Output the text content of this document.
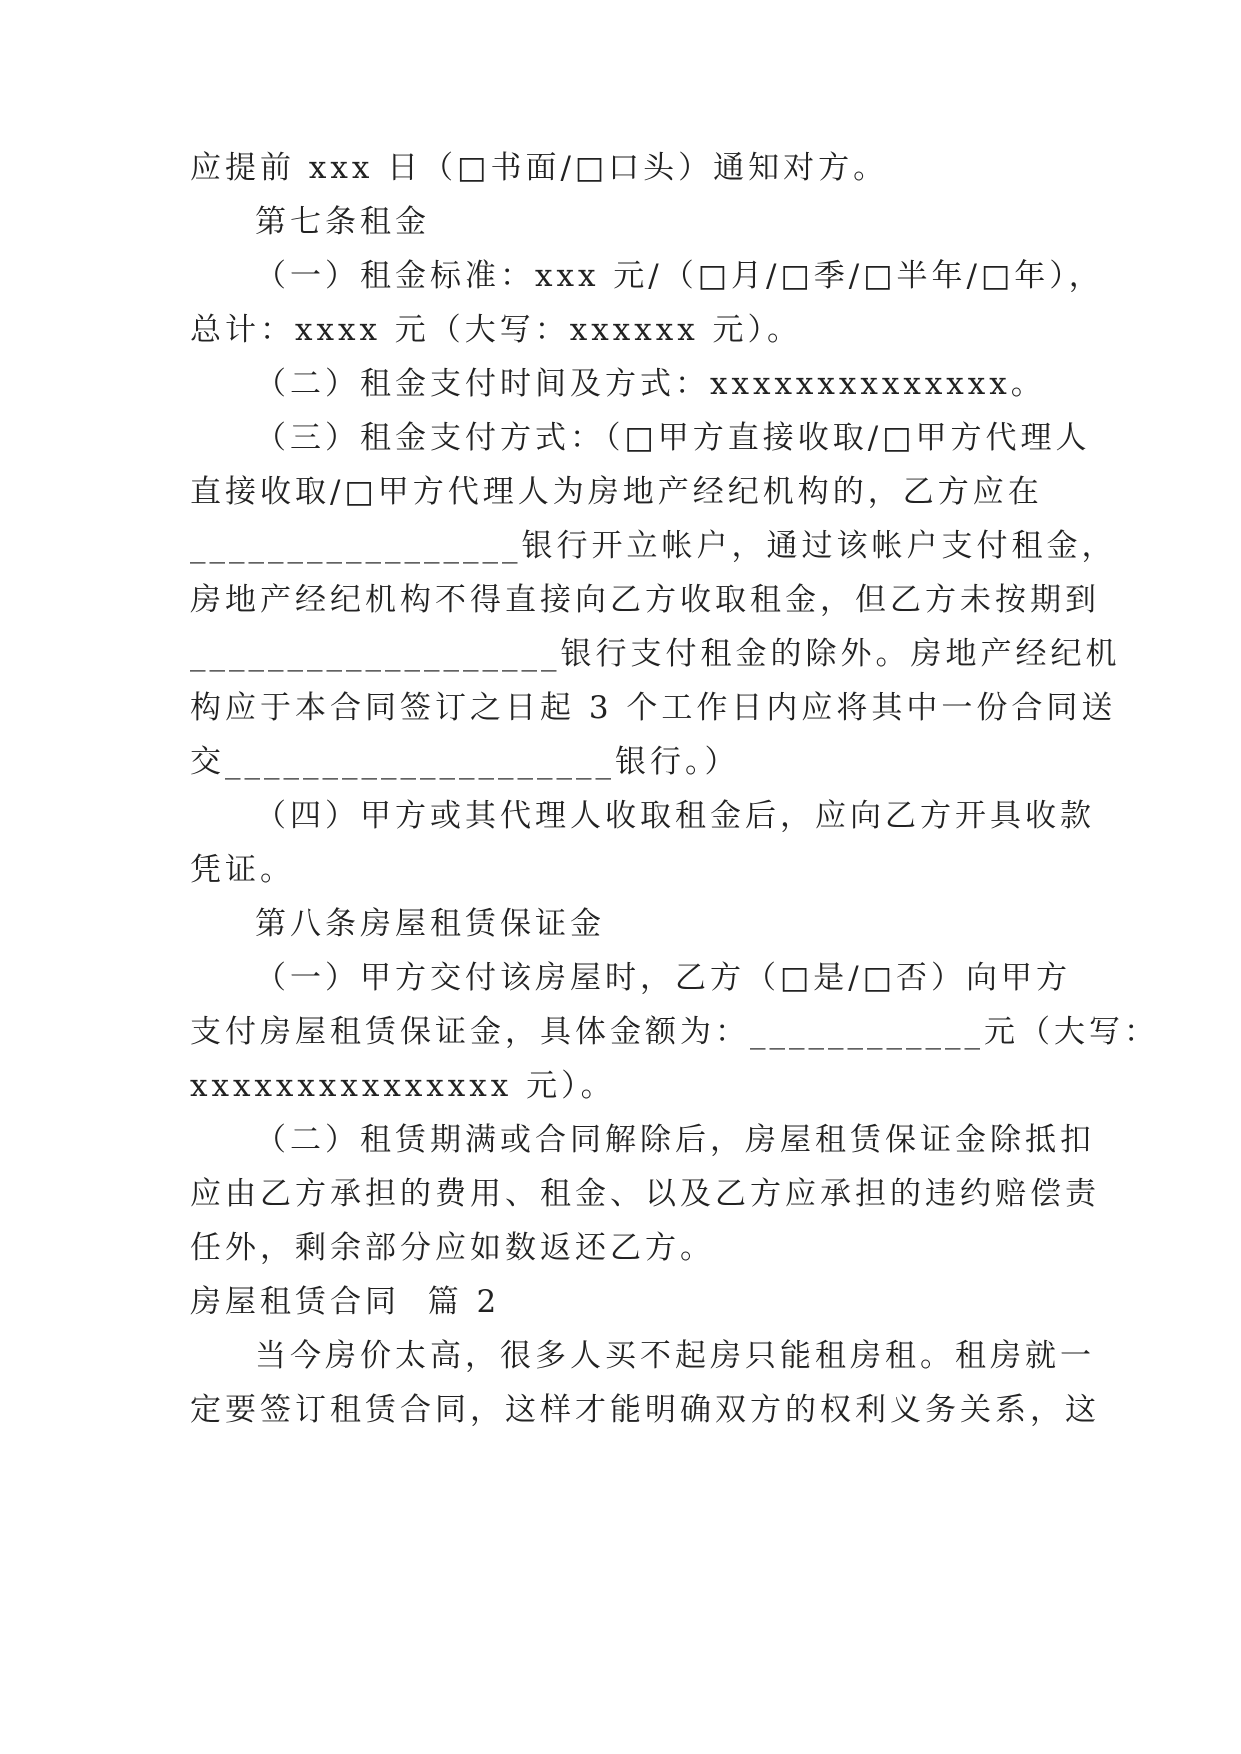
应提前 xxx 日（□书面/□口头）通知对方。
第七条租金
（一）租金标准：xxx 元/（□月/□季/□半年/□年），
总计：xxxx 元（大写：xxxxxx 元）。
（二）租金支付时间及方式：xxxxxxxxxxxxxx。
（三）租金支付方式：（□甲方直接收取/□甲方代理人
直接收取/□甲方代理人为房地产经纪机构的，乙方应在
_________________银行开立帐户，通过该帐户支付租金，
房地产经纪机构不得直接向乙方收取租金，但乙方未按期到
___________________银行支付租金的除外。房地产经纪机
构应于本合同签订之日起 3 个工作日内应将其中一份合同送
交____________________银行。）
（四）甲方或其代理人收取租金后，应向乙方开具收款
凭证。
第八条房屋租赁保证金
（一）甲方交付该房屋时，乙方（□是/□否）向甲方
支付房屋租赁保证金，具体金额为：____________元（大写：
xxxxxxxxxxxxxxx 元）。
（二）租赁期满或合同解除后，房屋租赁保证金除抵扣
应由乙方承担的费用、租金、以及乙方应承担的违约赔偿责
任外，剩余部分应如数返还乙方。
房屋租赁合同  篇 2
当今房价太高，很多人买不起房只能租房租。租房就一
定要签订租赁合同，这样才能明确双方的权利义务关系，这
